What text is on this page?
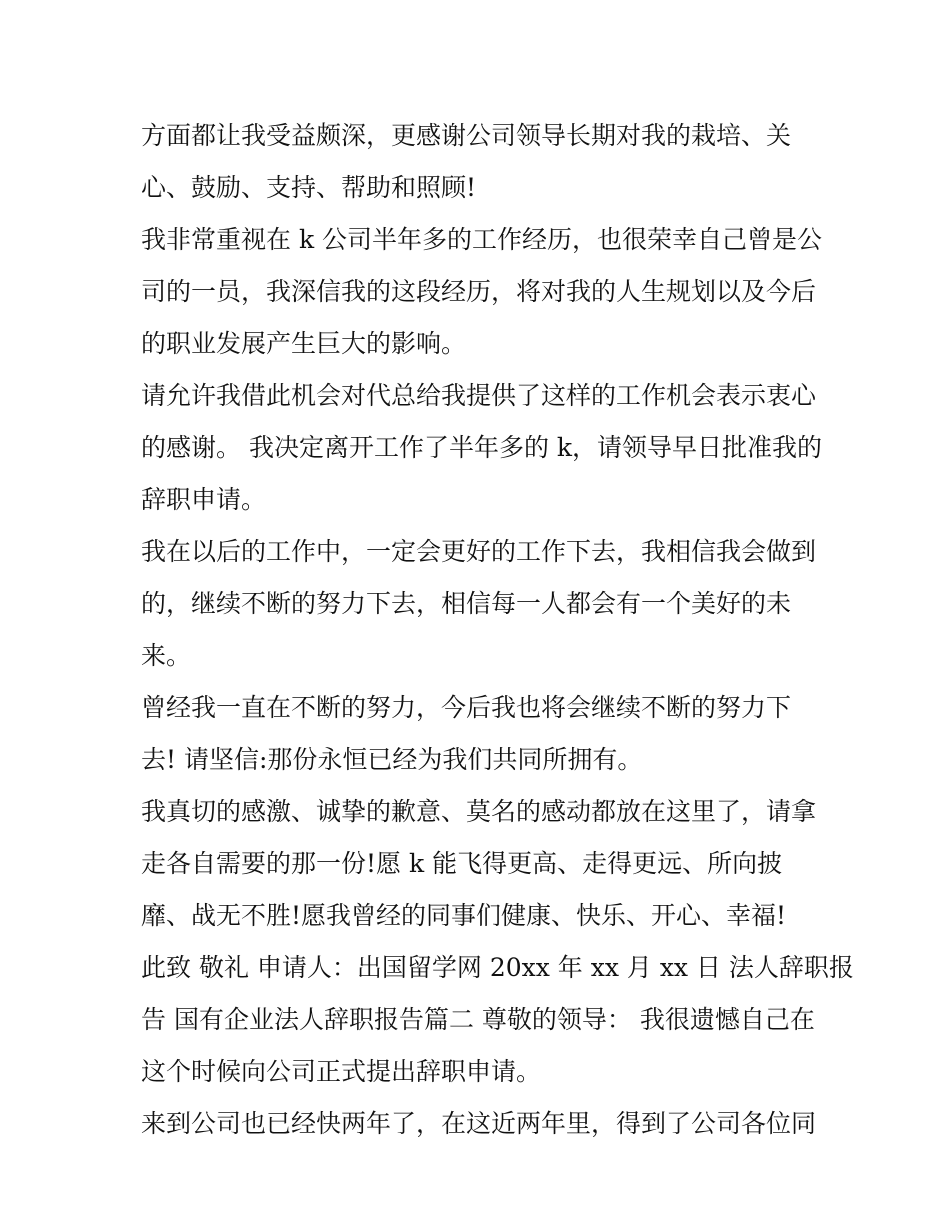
方面都让我受益颇深，更感谢公司领导长期对我的栽培、关
心、鼓励、支持、帮助和照顾!
我非常重视在 k 公司半年多的工作经历，也很荣幸自己曾是公
司的一员，我深信我的这段经历，将对我的人生规划以及今后
的职业发展产生巨大的影响。
请允许我借此机会对代总给我提供了这样的工作机会表示衷心
的感谢。 我决定离开工作了半年多的 k，请领导早日批准我的
辞职申请。
我在以后的工作中，一定会更好的工作下去，我相信我会做到
的，继续不断的努力下去，相信每一人都会有一个美好的未
来。
曾经我一直在不断的努力，今后我也将会继续不断的努力下
去! 请坚信:那份永恒已经为我们共同所拥有。
我真切的感激、诚挚的歉意、莫名的感动都放在这里了，请拿
走各自需要的那一份!愿 k 能飞得更高、走得更远、所向披
靡、战无不胜!愿我曾经的同事们健康、快乐、开心、幸福!
此致 敬礼 申请人：出国留学网 20xx 年 xx 月 xx 日 法人辞职报
告 国有企业法人辞职报告篇二 尊敬的领导： 我很遗憾自己在
这个时候向公司正式提出辞职申请。
来到公司也已经快两年了，在这近两年里，得到了公司各位同
